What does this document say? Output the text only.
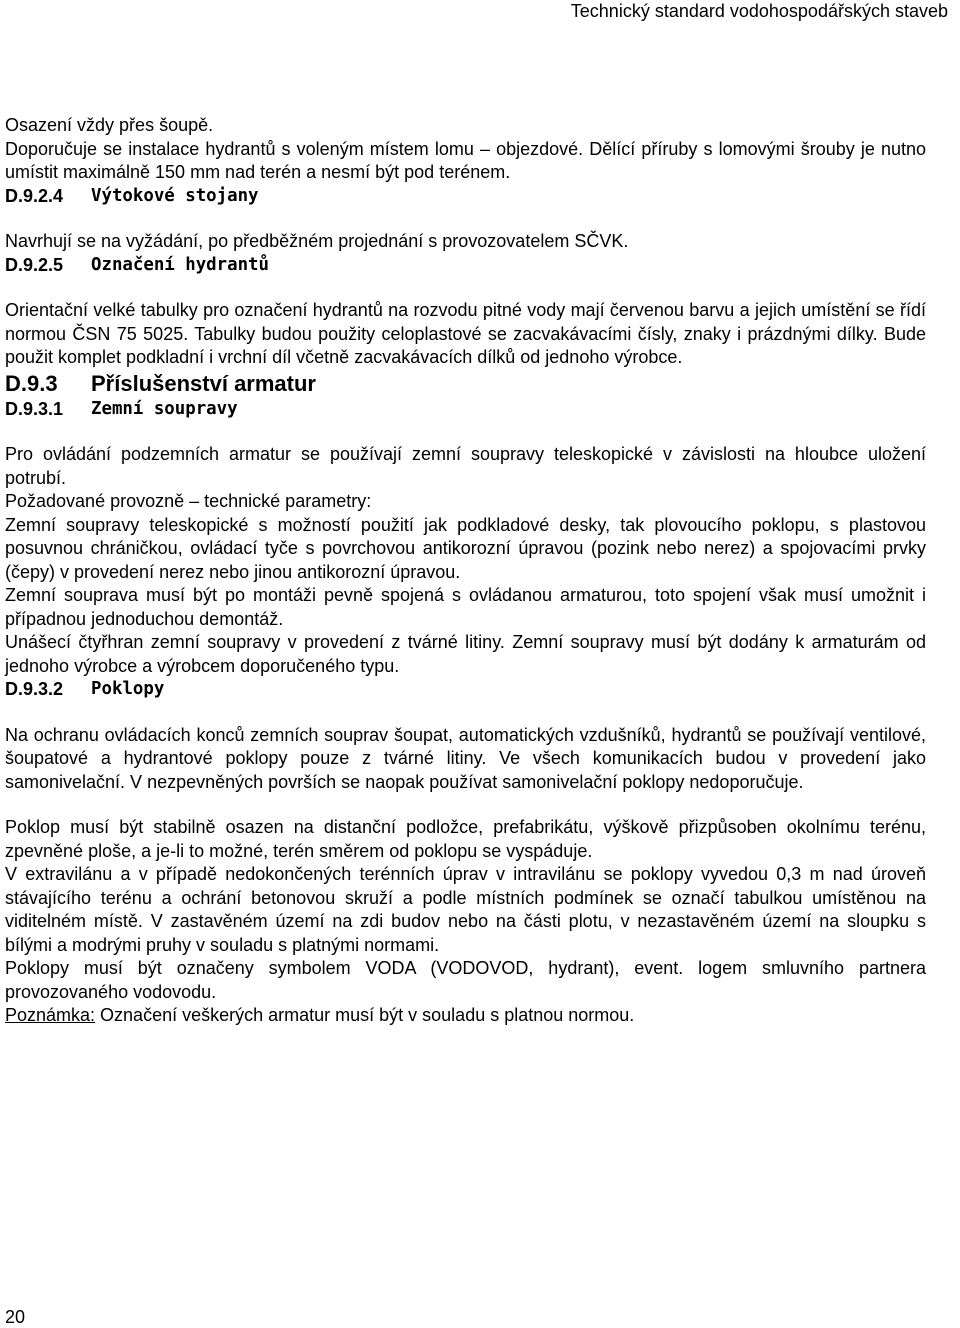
Technický standard vodohospodářských staveb

Osazení vždy přes šoupě.

Doporučuje se instalace hydrantů s voleným místem lomu – objezdové. Dělící příruby s lomovými šrouby je nutno umístit maximálně 150 mm nad terén a nesmí být pod terénem.

D.9.2.4	Výtokové stojany

Navrhují se na vyžádání, po předběžném projednání s provozovatelem SČVK.

D.9.2.5	Označení hydrantů

Orientační velké tabulky pro označení hydrantů na rozvodu pitné vody mají červenou barvu a jejich umístění se řídí normou ČSN 75 5025. Tabulky budou použity celoplastové se zacvakávacími čísly, znaky i prázdnými dílky. Bude použit komplet podkladní i vrchní díl včetně zacvakávacích dílků od jednoho výrobce.

D.9.3	Příslušenství armatur
D.9.3.1	Zemní soupravy

Pro ovládání podzemních armatur se používají zemní soupravy teleskopické v závislosti na hloubce uložení potrubí.

Požadované provozně – technické parametry:

Zemní soupravy teleskopické s možností použití jak podkladové desky, tak plovoucího poklopu, s plastovou posuvnou chráničkou, ovládací tyče s povrchovou antikorozní úpravou (pozink nebo nerez) a spojovacími prvky (čepy) v provedení nerez nebo jinou antikorozní úpravou.

Zemní souprava musí být po montáži pevně spojená s ovládanou armaturou, toto spojení však musí umožnit i případnou jednoduchou demontáž.

Unášecí čtyřhran zemní soupravy v provedení z tvárné litiny. Zemní soupravy musí být dodány k armaturám od jednoho výrobce a výrobcem doporučeného typu.

D.9.3.2	Poklopy

Na ochranu ovládacích konců zemních souprav šoupat, automatických vzdušníků, hydrantů se používají ventilové, šoupatové a hydrantové poklopy pouze z tvárné litiny. Ve všech komunikacích budou v provedení jako samonivelační. V nezpevněných površích se naopak používat samonivelační poklopy nedoporučuje.

Poklop musí být stabilně osazen na distanční podložce, prefabrikátu, výškově přizpůsoben okolnímu terénu, zpevněné ploše, a je-li to možné, terén směrem od poklopu se vyspáduje.

V extravilánu a v případě nedokončených terénních úprav v intravilánu se poklopy vyvedou 0,3 m nad úroveň stávajícího terénu a ochrání betonovou skruží a podle místních podmínek se označí tabulkou umístěnou na viditelném místě. V zastavěném území na zdi budov nebo na části plotu, v nezastavěném území na sloupku s bílými a modrými pruhy v souladu s platnými normami.

Poklopy musí být označeny symbolem VODA (VODOVOD, hydrant), event. logem smluvního partnera provozovaného vodovodu.

Poznámka: Označení veškerých armatur musí být v souladu s platnou normou.

20
